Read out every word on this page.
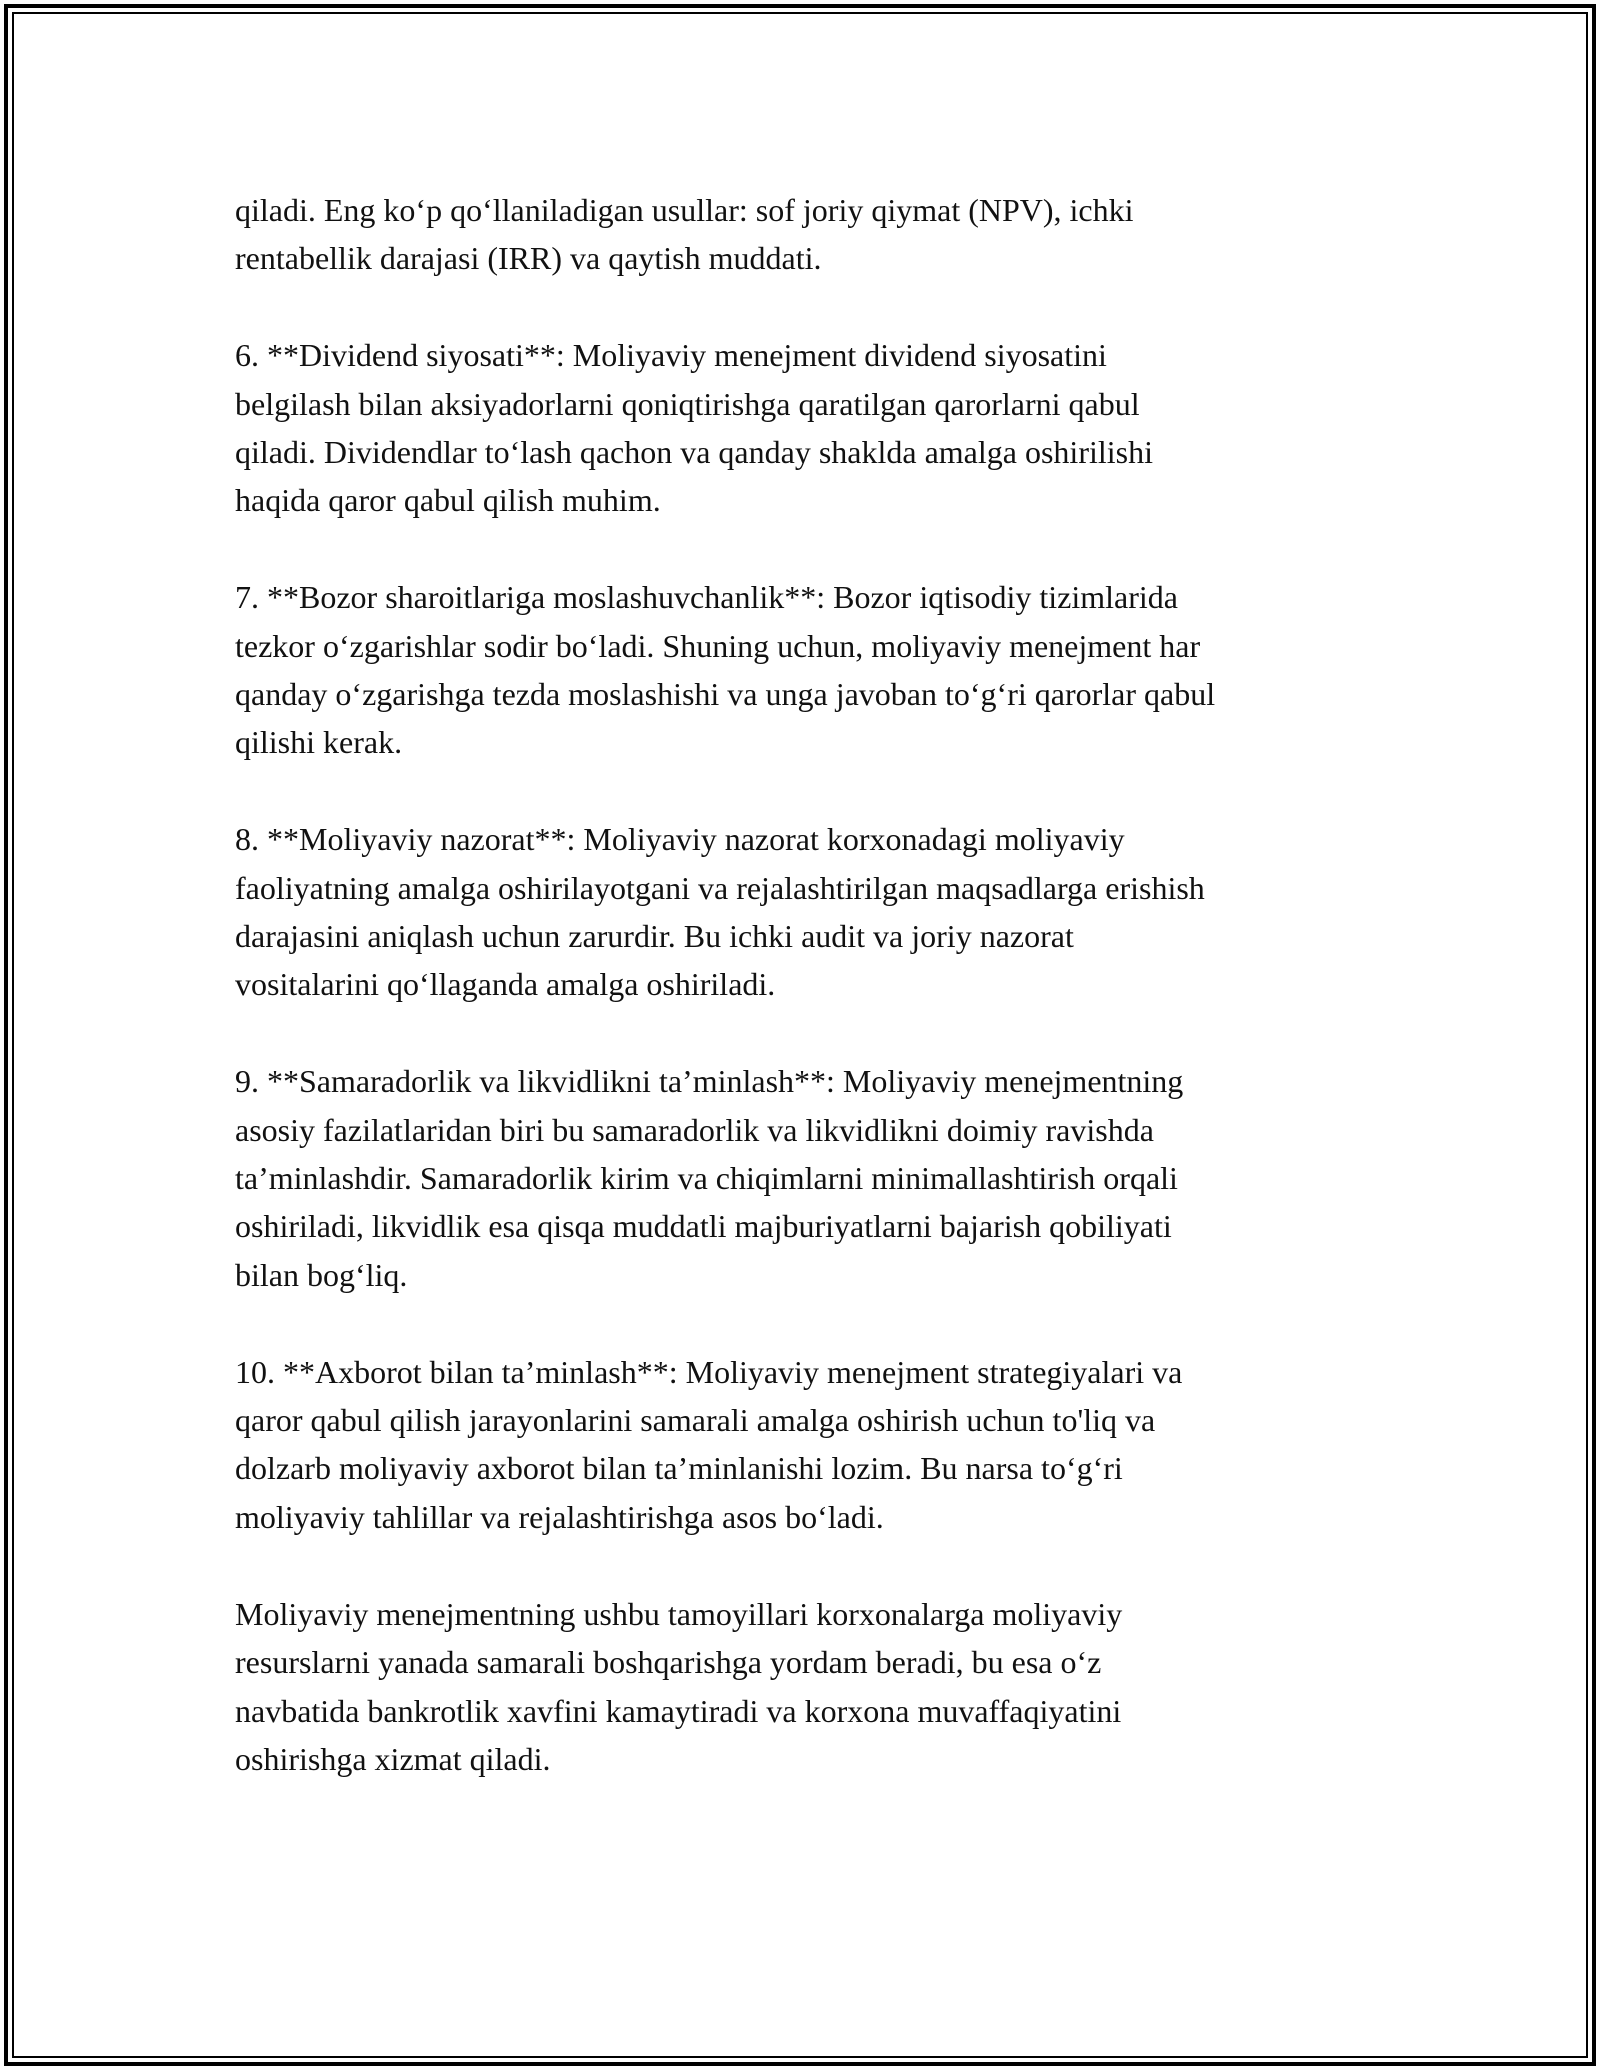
qiladi. Eng ko‘p qo‘llaniladigan usullar: sof joriy qiymat (NPV), ichki
rentabellik darajasi (IRR) va qaytish muddati.

6. **Dividend siyosati**: Moliyaviy menejment dividend siyosatini
belgilash bilan aksiyadorlarni qoniqtirishga qaratilgan qarorlarni qabul
qiladi. Dividendlar to‘lash qachon va qanday shaklda amalga oshirilishi
haqida qaror qabul qilish muhim.

7. **Bozor sharoitlariga moslashuvchanlik**: Bozor iqtisodiy tizimlarida
tezkor o‘zgarishlar sodir bo‘ladi. Shuning uchun, moliyaviy menejment har
qanday o‘zgarishga tezda moslashishi va unga javoban to‘g‘ri qarorlar qabul
qilishi kerak.

8. **Moliyaviy nazorat**: Moliyaviy nazorat korxonadagi moliyaviy
faoliyatning amalga oshirilayotgani va rejalashtirilgan maqsadlarga erishish
darajasini aniqlash uchun zarurdir. Bu ichki audit va joriy nazorat
vositalarini qo‘llaganda amalga oshiriladi.

9. **Samaradorlik va likvidlikni ta’minlash**: Moliyaviy menejmentning
asosiy fazilatlaridan biri bu samaradorlik va likvidlikni doimiy ravishda
ta’minlashdir. Samaradorlik kirim va chiqimlarni minimallashtirish orqali
oshiriladi, likvidlik esa qisqa muddatli majburiyatlarni bajarish qobiliyati
bilan bog‘liq.

10. **Axborot bilan ta’minlash**: Moliyaviy menejment strategiyalari va
qaror qabul qilish jarayonlarini samarali amalga oshirish uchun to'liq va
dolzarb moliyaviy axborot bilan ta’minlanishi lozim. Bu narsa to‘g‘ri
moliyaviy tahlillar va rejalashtirishga asos bo‘ladi.

Moliyaviy menejmentning ushbu tamoyillari korxonalarga moliyaviy
resurslarni yanada samarali boshqarishga yordam beradi, bu esa o‘z
navbatida bankrotlik xavfini kamaytiradi va korxona muvaffaqiyatini
oshirishga xizmat qiladi.
